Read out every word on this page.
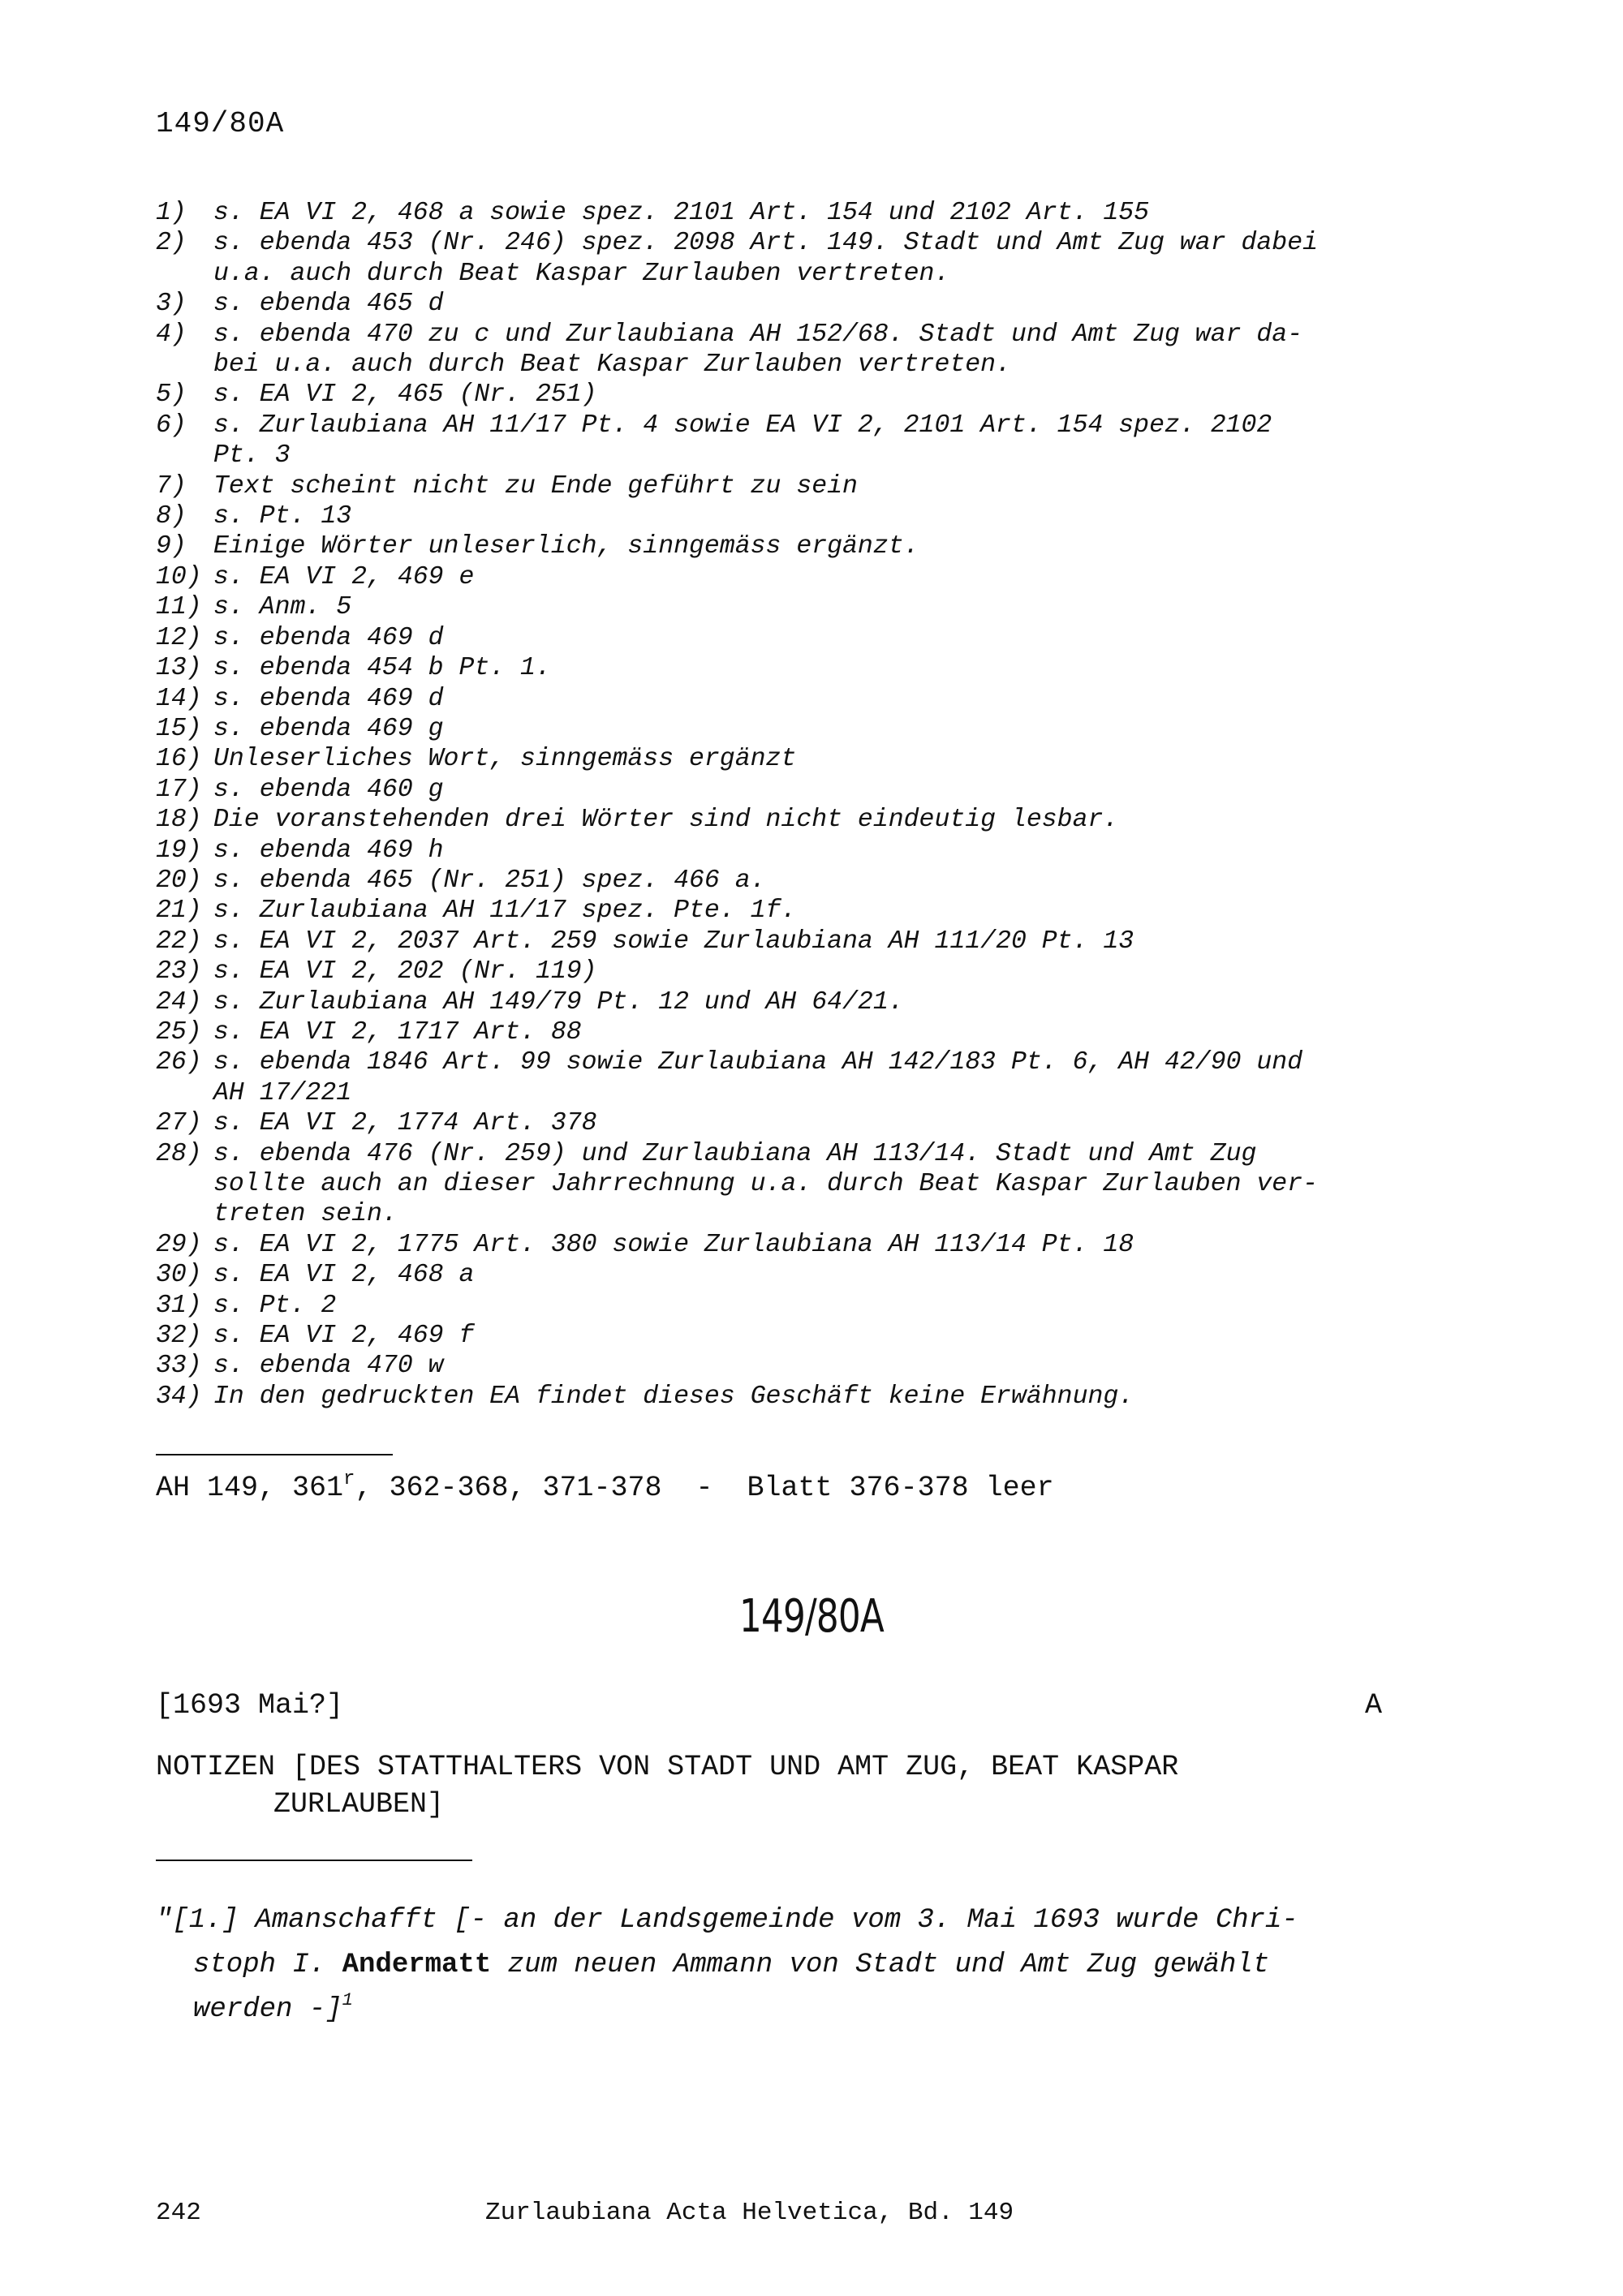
149/80A
1)	s. EA VI 2, 468 a sowie spez. 2101 Art. 154 und 2102 Art. 155
2)	s. ebenda 453 (Nr. 246) spez. 2098 Art. 149. Stadt und Amt Zug war dabei
u.a. auch durch Beat Kaspar Zurlauben vertreten.
3)	s. ebenda 465 d
4)	s. ebenda 470 zu c und Zurlaubiana AH 152/68. Stadt und Amt Zug war da-
bei u.a. auch durch Beat Kaspar Zurlauben vertreten.
5)	s. EA VI 2, 465 (Nr. 251)
6)	s. Zurlaubiana AH 11/17 Pt. 4 sowie EA VI 2, 2101 Art. 154 spez. 2102
Pt. 3
7)	Text scheint nicht zu Ende geführt zu sein
8)	s. Pt. 13
9)	Einige Wörter unleserlich, sinngemäss ergänzt.
10) s. EA VI 2, 469 e
11) s. Anm. 5
12) s. ebenda 469 d
13) s. ebenda 454 b Pt. 1.
14) s. ebenda 469 d
15) s. ebenda 469 g
16) Unleserliches Wort, sinngemäss ergänzt
17) s. ebenda 460 g
18) Die voranstehenden drei Wörter sind nicht eindeutig lesbar.
19) s. ebenda 469 h
20) s. ebenda 465 (Nr. 251) spez. 466 a.
21) s. Zurlaubiana AH 11/17 spez. Pte. 1f.
22) s. EA VI 2, 2037 Art. 259 sowie Zurlaubiana AH 111/20 Pt. 13
23) s. EA VI 2, 202 (Nr. 119)
24) s. Zurlaubiana AH 149/79 Pt. 12 und AH 64/21.
25) s. EA VI 2, 1717 Art. 88
26) s. ebenda 1846 Art. 99 sowie Zurlaubiana AH 142/183 Pt. 6, AH 42/90 und
AH 17/221
27) s. EA VI 2, 1774 Art. 378
28) s. ebenda 476 (Nr. 259) und Zurlaubiana AH 113/14. Stadt und Amt Zug
sollte auch an dieser Jahrrechnung u.a. durch Beat Kaspar Zurlauben ver-
treten sein.
29) s. EA VI 2, 1775 Art. 380 sowie Zurlaubiana AH 113/14 Pt. 18
30) s. EA VI 2, 468 a
31) s. Pt. 2
32) s. EA VI 2, 469 f
33) s. ebenda 470 w
34) In den gedruckten EA findet dieses Geschäft keine Erwähnung.
AH 149, 361$^r$, 362-368, 371-378  -  Blatt 376-378 leer
149/80A
[1693 Mai?]	A
NOTIZEN [DES STATTHALTERS VON STADT UND AMT ZUG, BEAT KASPAR
ZURLAUBEN]
"[1.] Amanschafft [- an der Landsgemeinde vom 3. Mai 1693 wurde Chri-
stoph I. Andermatt zum neuen Ammann von Stadt und Amt Zug gewählt
werden -]$^1$
242	Zurlaubiana Acta Helvetica, Bd. 149
